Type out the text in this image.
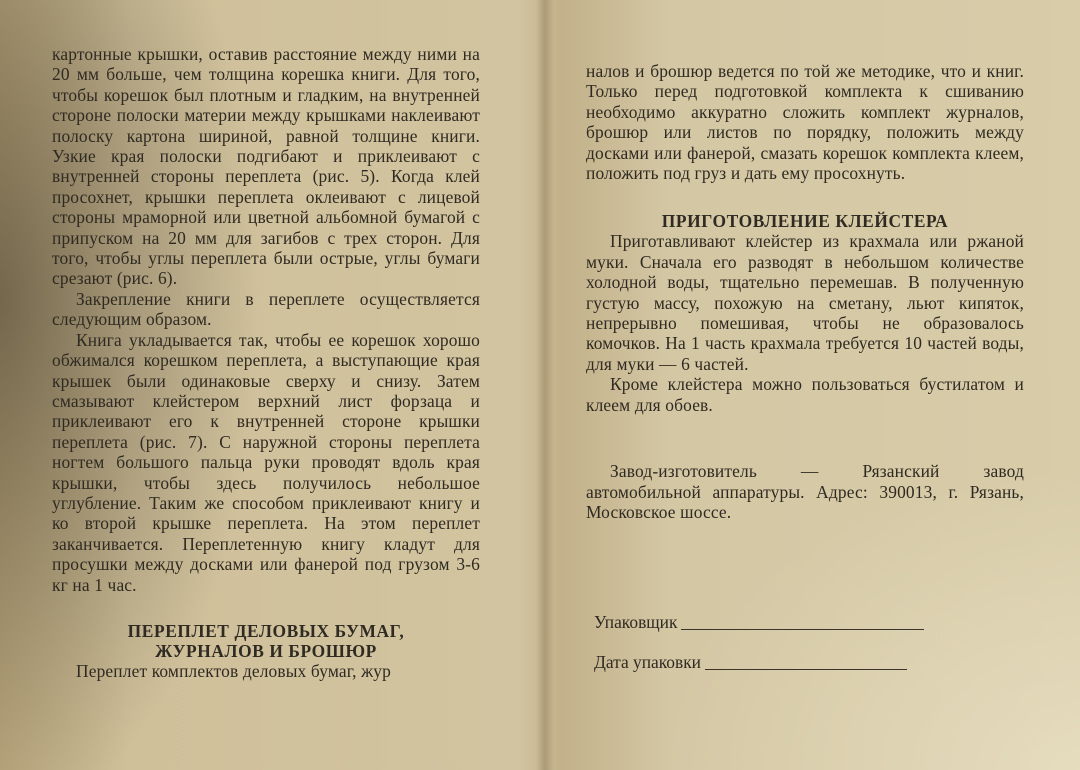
картонные крышки, оставив расстояние между ними на 20 мм больше, чем толщина корешка книги. Для того, чтобы корешок был плотным и гладким, на внутренней стороне полоски материи между крышками наклеивают полоску картона шириной, равной толщине книги. Узкие края полоски подгибают и приклеивают с внутренней стороны переплета (рис. 5). Когда клей просохнет, крышки переплета оклеивают с лицевой стороны мраморной или цветной альбомной бумагой с припуском на 20 мм для загибов с трех сторон. Для того, чтобы углы переплета были острые, углы бумаги срезают (рис. 6).

Закрепление книги в переплете осуществляется следующим образом.

Книга укладывается так, чтобы ее корешок хорошо обжимался корешком переплета, а выступающие края крышек были одинаковые сверху и снизу. Затем смазывают клейстером верхний лист форзаца и приклеивают его к внутренней стороне крышки переплета (рис. 7). С наружной стороны переплета ногтем большого пальца руки проводят вдоль края крышки, чтобы здесь получилось небольшое углубление. Таким же способом приклеивают книгу и ко второй крышке переплета. На этом переплет заканчивается. Переплетенную книгу кладут для просушки между досками или фанерой под грузом 3-6 кг на 1 час.

ПЕРЕПЛЕТ ДЕЛОВЫХ БУМАГ,
ЖУРНАЛОВ И БРОШЮР

Переплет комплектов деловых бумаг, жур

налов и брошюр ведется по той же методике, что и книг. Только перед подготовкой комплекта к сшиванию необходимо аккуратно сложить комплект журналов, брошюр или листов по порядку, положить между досками или фанерой, смазать корешок комплекта клеем, положить под груз и дать ему просохнуть.

ПРИГОТОВЛЕНИЕ КЛЕЙСТЕРА

Приготавливают клейстер из крахмала или ржаной муки. Сначала его разводят в небольшом количестве холодной воды, тщательно перемешав. В полученную густую массу, похожую на сметану, льют кипяток, непрерывно помешивая, чтобы не образовалось комочков. На 1 часть крахмала требуется 10 частей воды, для муки — 6 частей.

Кроме клейстера можно пользоваться бустилатом и клеем для обоев.

Завод-изготовитель — Рязанский завод автомобильной аппаратуры. Адрес: 390013, г. Рязань, Московское шоссе.

Упаковщик
Дата упаковки
